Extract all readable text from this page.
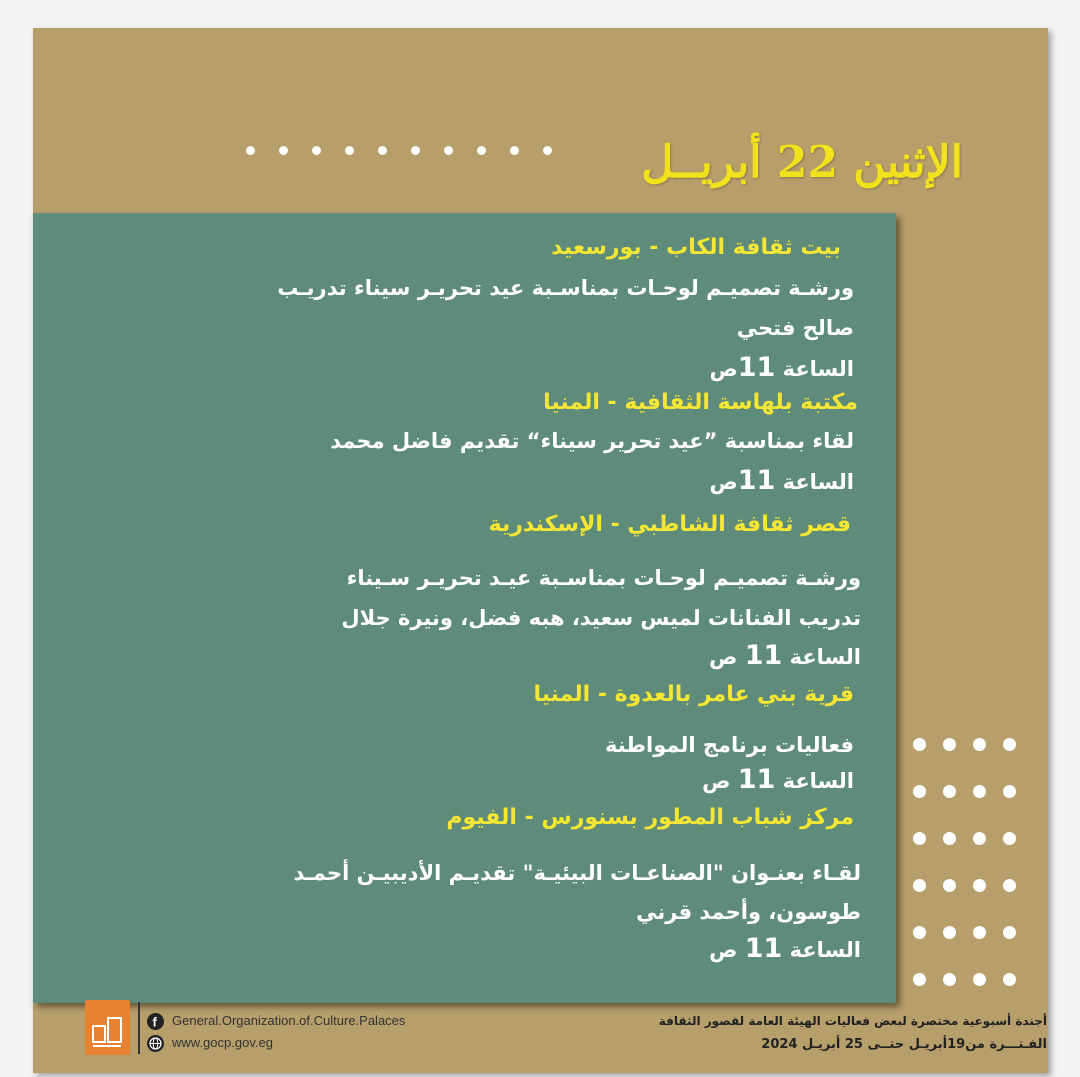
الإثنين 22 أبريــل
بيت ثقافة الكاب - بورسعيد
ورشـة تصميـم لوحـات بمناسـبة عيد تحريـر سيناء تدريـب
صالح فتحي
الساعة 11ص
مكتبة بلهاسة الثقافية - المنيا
لقاء بمناسبة ”عيد تحرير سيناء“ تقديم فاضل محمد
الساعة 11ص
قصر ثقافة الشاطبي - الإسكندرية
ورشـة تصميـم لوحـات بمناسـبة عيـد تحريـر سـيناء
تدريب الفنانات لميس سعيد، هبه فضل، ونيرة جلال
الساعة 11 ص
قرية بني عامر بالعدوة - المنيا
فعاليات برنامج المواطنة
الساعة 11 ص
مركز شباب المطور بسنورس - الفيوم
لقـاء بعنـوان "الصناعـات البيئيـة" تقديـم الأديبيـن أحمـد
طوسون، وأحمد قرني
الساعة 11 ص
f General.Organization.of.Culture.Palaces
www.gocp.gov.eg
أجندة أسبوعية مختصرة لبعض فعاليات الهيئة العامة لقصور الثقافة
الفـتـــرة من19أبريـل حتــى 25 أبريـل 2024
